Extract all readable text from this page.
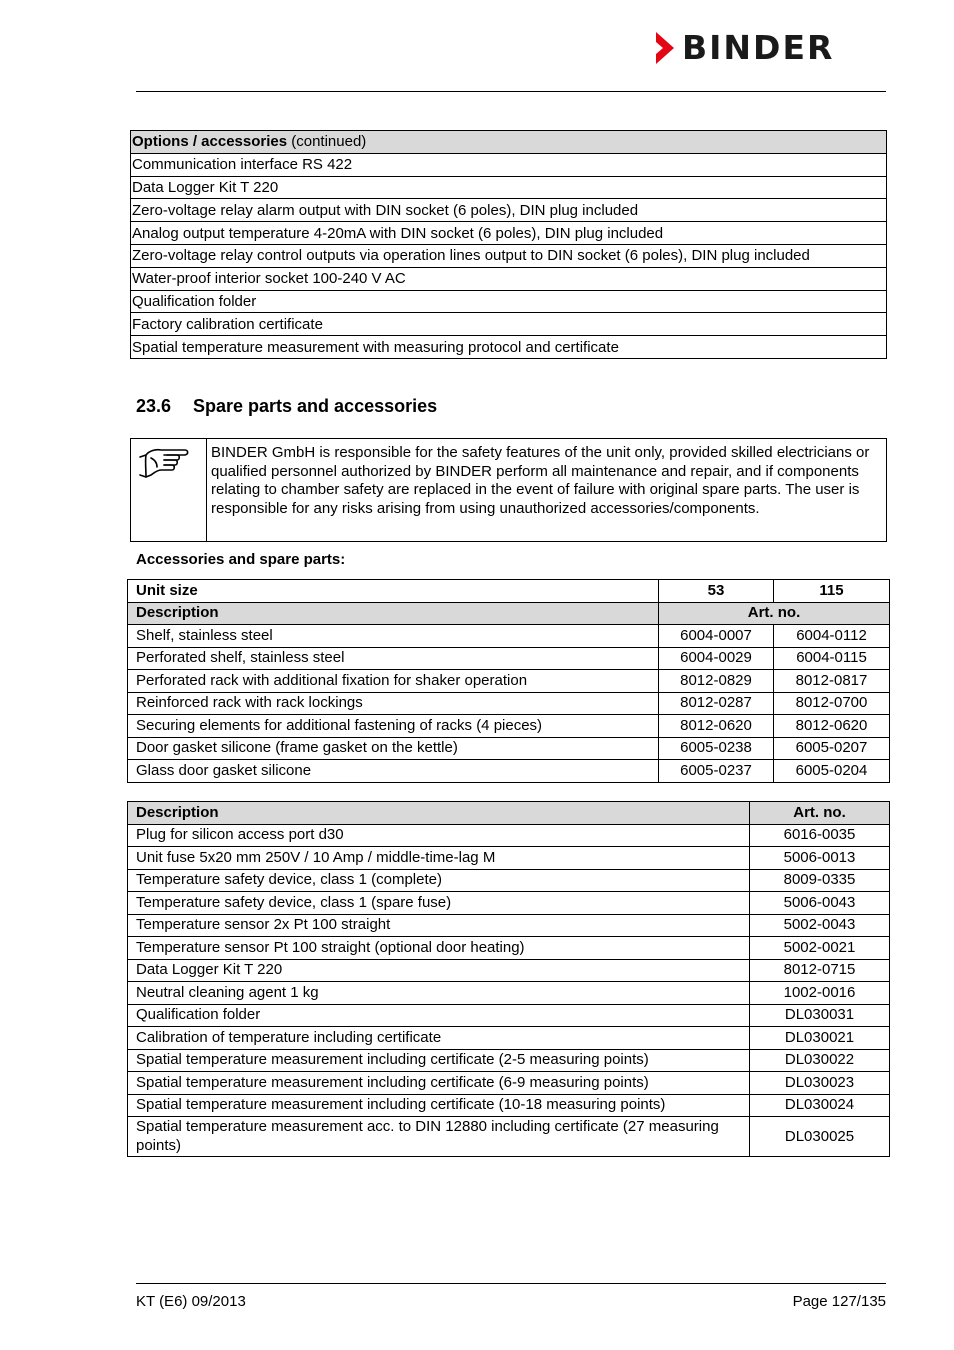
BINDER
Options / accessories (continued)
Communication interface RS 422
Data Logger Kit T 220
Zero-voltage relay alarm output with DIN socket (6 poles), DIN plug included
Analog output temperature 4-20mA with DIN socket (6 poles), DIN plug included
Zero-voltage relay control outputs via operation lines output to DIN socket (6 poles), DIN plug included
Water-proof interior socket 100-240 V AC
Qualification folder
Factory calibration certificate
Spatial temperature measurement with measuring protocol and certificate
23.6 Spare parts and accessories
BINDER GmbH is responsible for the safety features of the unit only, provided skilled electricians or qualified personnel authorized by BINDER perform all maintenance and repair, and if components relating to chamber safety are replaced in the event of failure with original spare parts. The user is responsible for any risks arising from using unauthorized accessories/components.
Accessories and spare parts:
Unit size	53	115
Description	Art. no.	
Shelf, stainless steel	6004-0007	6004-0112
Perforated shelf, stainless steel	6004-0029	6004-0115
Perforated rack with additional fixation for shaker operation	8012-0829	8012-0817
Reinforced rack with rack lockings	8012-0287	8012-0700
Securing elements for additional fastening of racks (4 pieces)	8012-0620	8012-0620
Door gasket silicone (frame gasket on the kettle)	6005-0238	6005-0207
Glass door gasket silicone	6005-0237	6005-0204
Description	Art. no.
Plug for silicon access port d30	6016-0035
Unit fuse 5x20 mm 250V / 10 Amp / middle-time-lag M	5006-0013
Temperature safety device, class 1 (complete)	8009-0335
Temperature safety device, class 1 (spare fuse)	5006-0043
Temperature sensor 2x Pt 100 straight	5002-0043
Temperature sensor Pt 100 straight (optional door heating)	5002-0021
Data Logger Kit T 220	8012-0715
Neutral cleaning agent 1 kg	1002-0016
Qualification folder	DL030031
Calibration of temperature including certificate	DL030021
Spatial temperature measurement including certificate (2-5 measuring points)	DL030022
Spatial temperature measurement including certificate (6-9 measuring points)	DL030023
Spatial temperature measurement including certificate (10-18 measuring points)	DL030024
Spatial temperature measurement acc. to DIN 12880 including certificate (27 measuring points)	DL030025
KT (E6) 09/2013	Page 127/135
